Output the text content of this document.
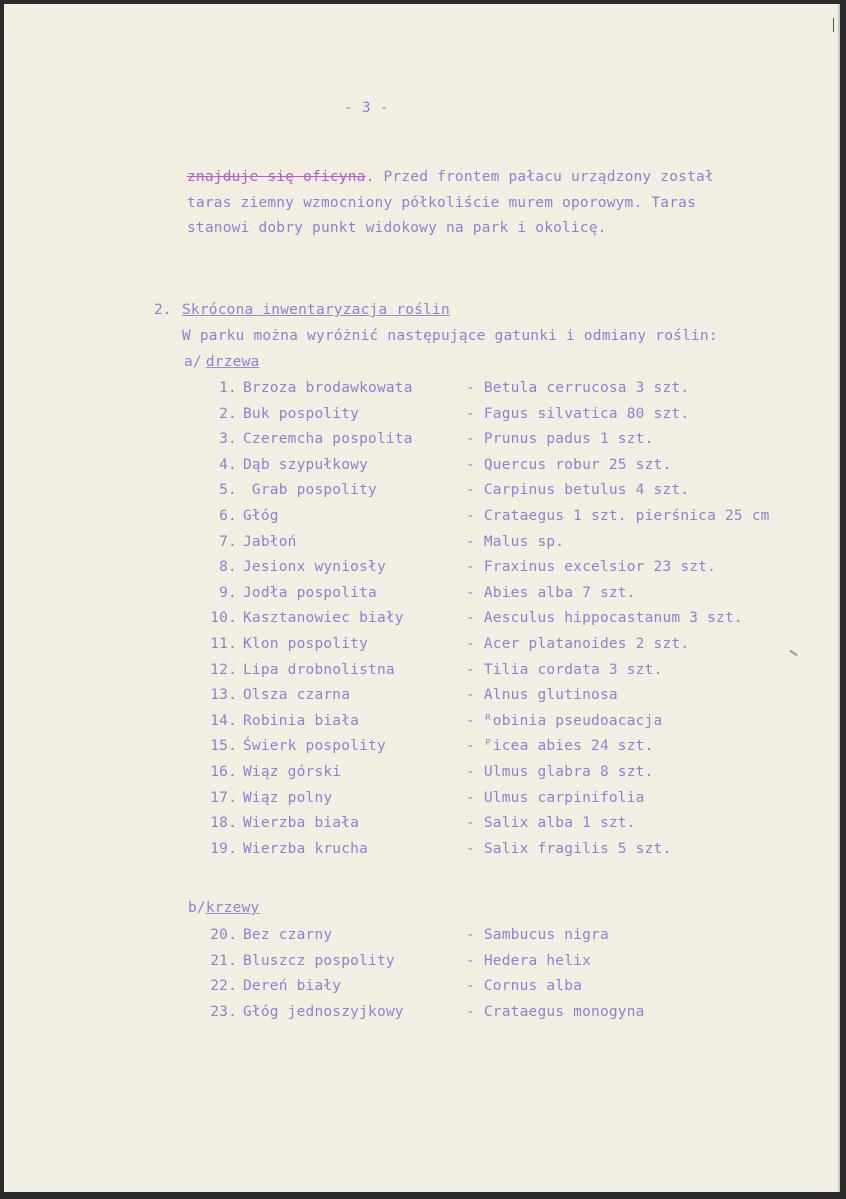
- 3 -
znajduje się oficyna. Przed frontem pałacu urządzony został
taras ziemny wzmocniony półkoliście murem oporowym. Taras
stanowi dobry punkt widokowy na park i okolicę.
2. Skrócona inwentaryzacja roślin
W parku można wyróżnić następujące gatunki i odmiany roślin:
a/ drzewa
1. Brzoza brodawkowata	- Betula cerrucosa 3 szt.
2. Buk pospolity	- Fagus silvatica 80 szt.
3. Czeremcha pospolita	- Prunus padus 1 szt.
4. Dąb szypułkowy	- Quercus robur 25 szt.
5. Grab pospolity	- Carpinus betulus 4 szt.
6. Głóg	- Crataegus 1 szt. pierśnica 25 cm
7. Jabłoń	- Malus sp.
8. Jesionx wyniosły	- Fraxinus excelsior 23 szt.
9. Jodła pospolita	- Abies alba 7 szt.
10. Kasztanowiec biały	- Aesculus hippocastanum 3 szt.
11. Klon pospolity	- Acer platanoides 2 szt.
12. Lipa drobnolistna	- Tilia cordata 3 szt.
13. Olsza czarna	- Alnus glutinosa
14. Robinia biała	- ᴿobinia pseudoacacja
15. Świerk pospolity	- ᴾicea abies 24 szt.
16. Wiąz górski	- Ulmus glabra 8 szt.
17. Wiąz polny	- Ulmus carpinifolia
18. Wierzba biała	- Salix alba 1 szt.
19. Wierzba krucha	- Salix fragilis 5 szt.
b/krzewy
20. Bez czarny	- Sambucus nigra
21. Bluszcz pospolity	- Hedera helix
22. Dereń biały	- Cornus alba
23. Głóg jednoszyjkowy	- Crataegus monogyna
